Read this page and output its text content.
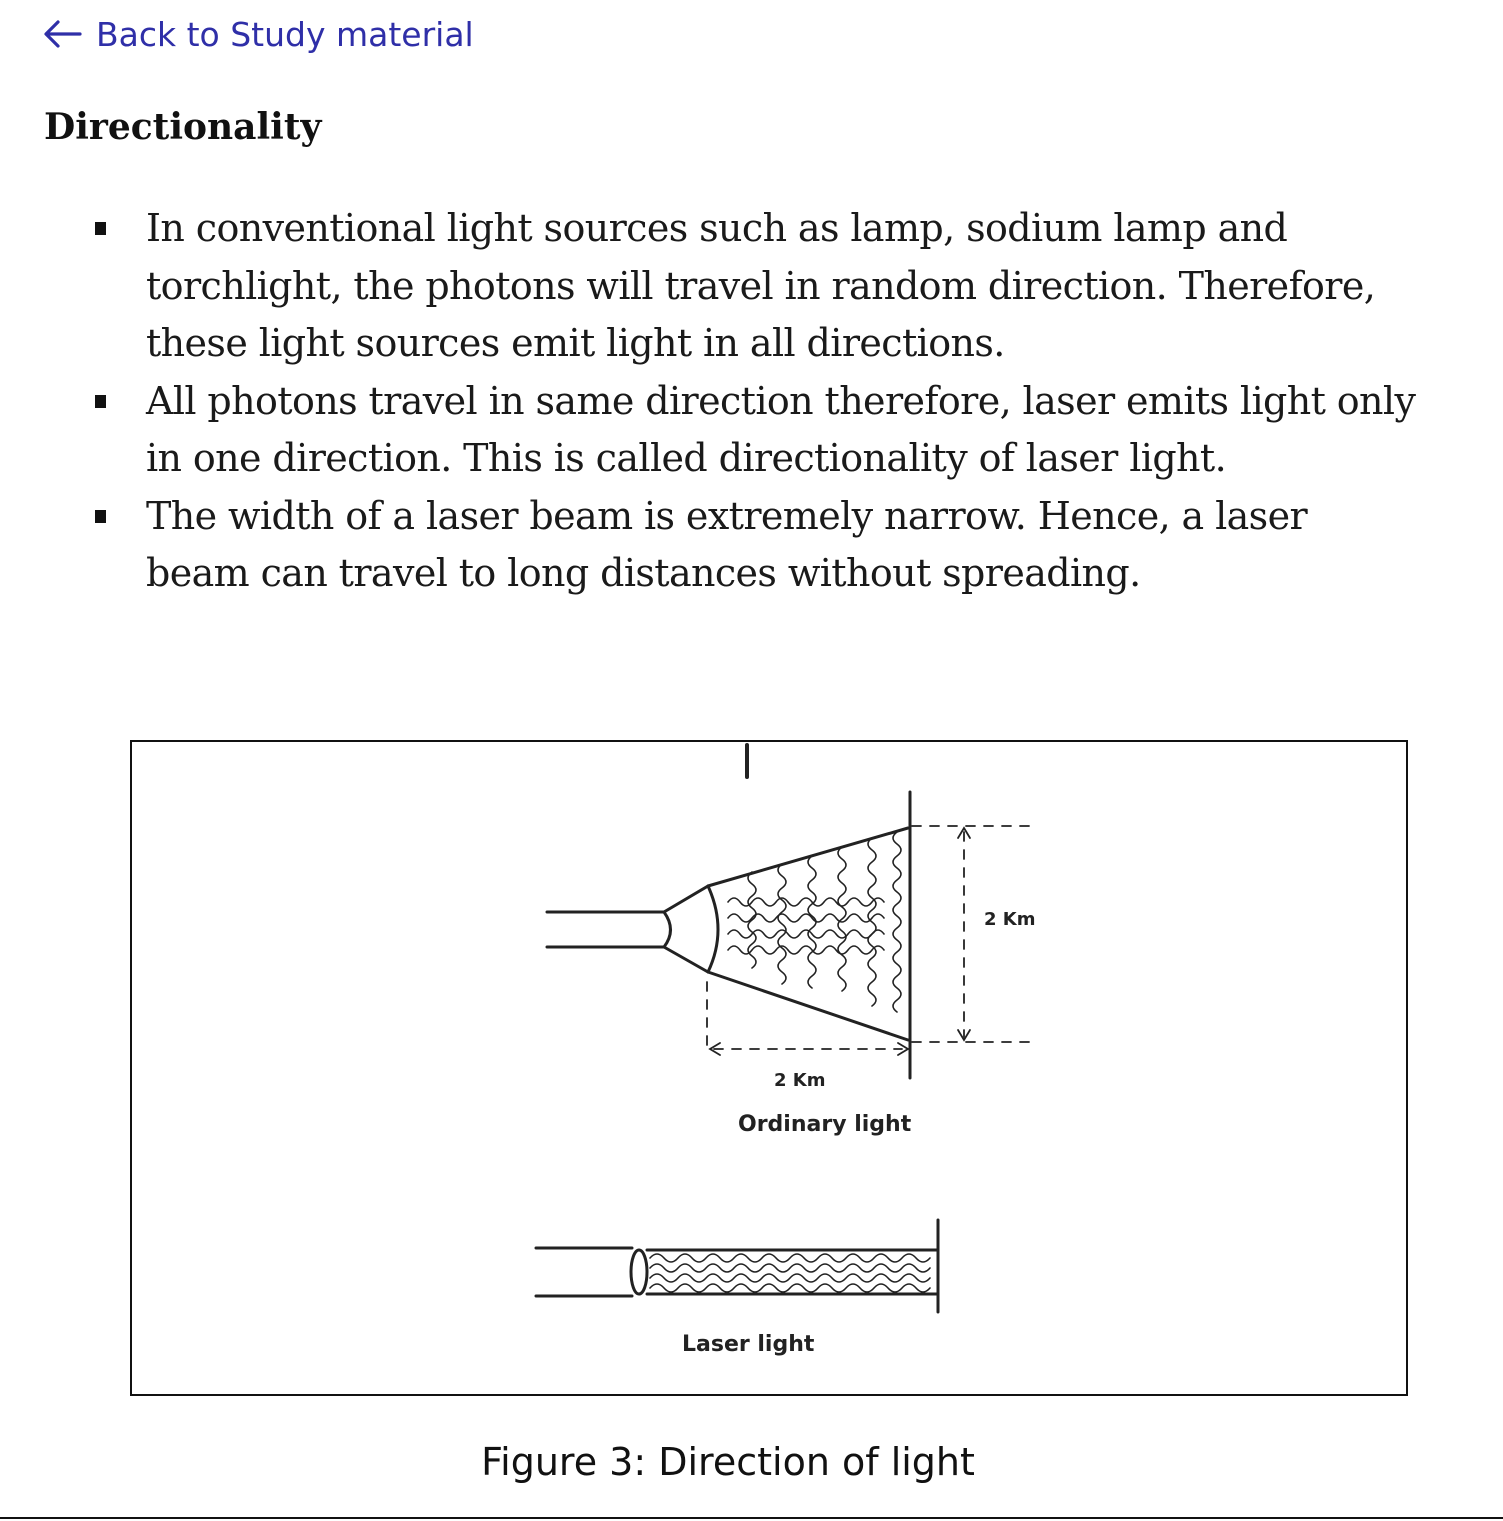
Back to Study material
Directionality
In conventional light sources such as lamp, sodium lamp and torchlight, the photons will travel in random direction. Therefore, these light sources emit light in all directions.
All photons travel in same direction therefore, laser emits light only in one direction. This is called directionality of laser light.
The width of a laser beam is extremely narrow. Hence, a laser beam can travel to long distances without spreading.
2 Km
2 Km
Ordinary light
Laser light
Figure 3: Direction of light
